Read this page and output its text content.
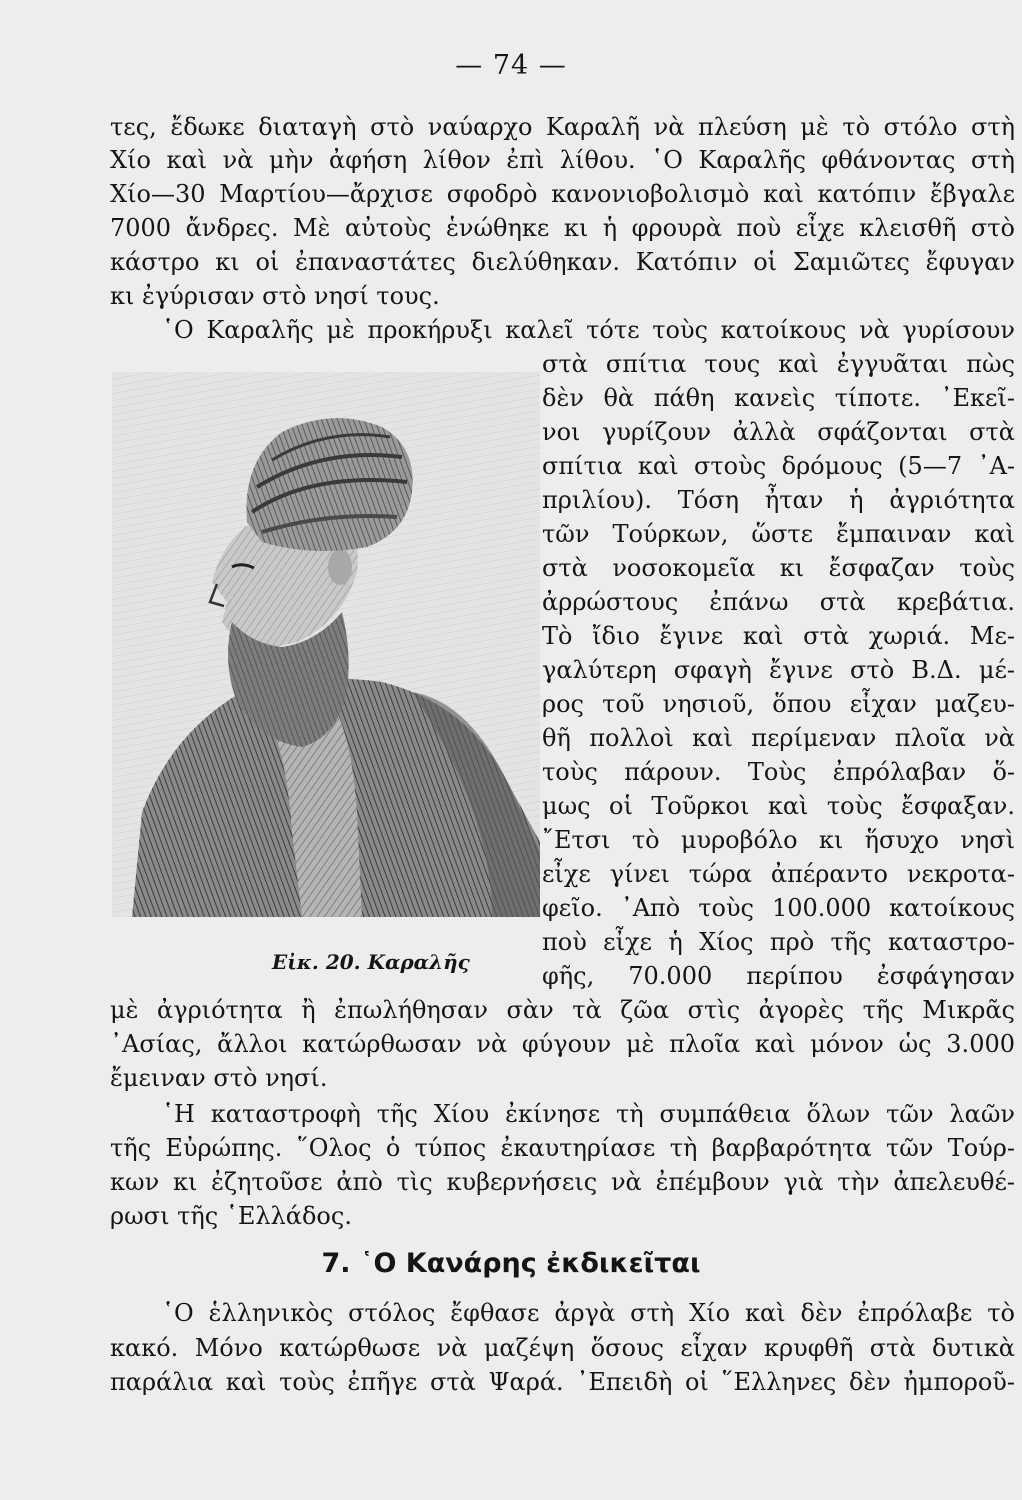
— 74 —
τες, ἔδωκε διαταγὴ στὸ ναύαρχο Καραλῆ νὰ πλεύση μὲ τὸ στόλο στὴ
Χίο καὶ νὰ μὴν ἀφήση λίθον ἐπὶ λίθου. ῾Ο Καραλῆς φθάνοντας στὴ
Χίο—30 Μαρτίου—ἄρχισε σφοδρὸ κανονιοβολισμὸ καὶ κατόπιν ἔβγαλε
7000 ἄνδρες. Μὲ αὐτοὺς ἑνώθηκε κι ἡ φρουρὰ ποὺ εἶχε κλεισθῆ στὸ
κάστρο κι οἱ ἐπαναστάτες διελύθηκαν. Κατόπιν οἱ Σαμιῶτες ἔφυγαν
κι ἐγύρισαν στὸ νησί τους.
῾Ο Καραλῆς μὲ προκήρυξι καλεῖ τότε τοὺς κατοίκους νὰ γυρίσουν
στὰ σπίτια τους καὶ ἐγγυᾶται πὼς
δὲν θὰ πάθη κανεὶς τίποτε. ᾿Εκεῖ-
νοι γυρίζουν ἀλλὰ σφάζονται στὰ
σπίτια καὶ στοὺς δρόμους (5—7 ᾿Α-
πριλίου). Τόση ἦταν ἡ ἀγριότητα
τῶν Τούρκων, ὥστε ἔμπαιναν καὶ
στὰ νοσοκομεῖα κι ἔσφαζαν τοὺς
ἀρρώστους ἐπάνω στὰ κρεβάτια.
Τὸ ἴδιο ἔγινε καὶ στὰ χωριά. Με-
γαλύτερη σφαγὴ ἔγινε στὸ Β.Δ. μέ-
ρος τοῦ νησιοῦ, ὅπου εἶχαν μαζευ-
θῆ πολλοὶ καὶ περίμεναν πλοῖα νὰ
τοὺς πάρουν. Τοὺς ἐπρόλαβαν ὅ-
μως οἱ Τοῦρκοι καὶ τοὺς ἔσφαξαν.
῎Ετσι τὸ μυροβόλο κι ἥσυχο νησὶ
εἶχε γίνει τώρα ἀπέραντο νεκροτα-
φεῖο. ᾿Απὸ τοὺς 100.000 κατοίκους
ποὺ εἶχε ἡ Χίος πρὸ τῆς καταστρο-
φῆς, 70.000 περίπου ἐσφάγησαν
μὲ ἀγριότητα ἢ ἐπωλήθησαν σὰν τὰ ζῶα στὶς ἀγορὲς τῆς Μικρᾶς
᾿Ασίας, ἄλλοι κατώρθωσαν νὰ φύγουν μὲ πλοῖα καὶ μόνον ὡς 3.000
ἔμειναν στὸ νησί.
῾Η καταστροφὴ τῆς Χίου ἐκίνησε τὴ συμπάθεια ὅλων τῶν λαῶν
τῆς Εὐρώπης. ῞Ολος ὁ τύπος ἐκαυτηρίασε τὴ βαρβαρότητα τῶν Τούρ-
κων κι ἐζητοῦσε ἀπὸ τὶς κυβερνήσεις νὰ ἐπέμβουν γιὰ τὴν ἀπελευθέ-
ρωσι τῆς ῾Ελλάδος.
7. ῾Ο Κανάρης ἐκδικεῖται
῾Ο ἑλληνικὸς στόλος ἔφθασε ἀργὰ στὴ Χίο καὶ δὲν ἐπρόλαβε τὸ
κακό. Μόνο κατώρθωσε νὰ μαζέψη ὅσους εἶχαν κρυφθῆ στὰ δυτικὰ
παράλια καὶ τοὺς ἐπῆγε στὰ Ψαρά. ᾿Επειδὴ οἱ ῞Ελληνες δὲν ἠμποροῦ-
Εἰκ. 20. Καραλῆς
